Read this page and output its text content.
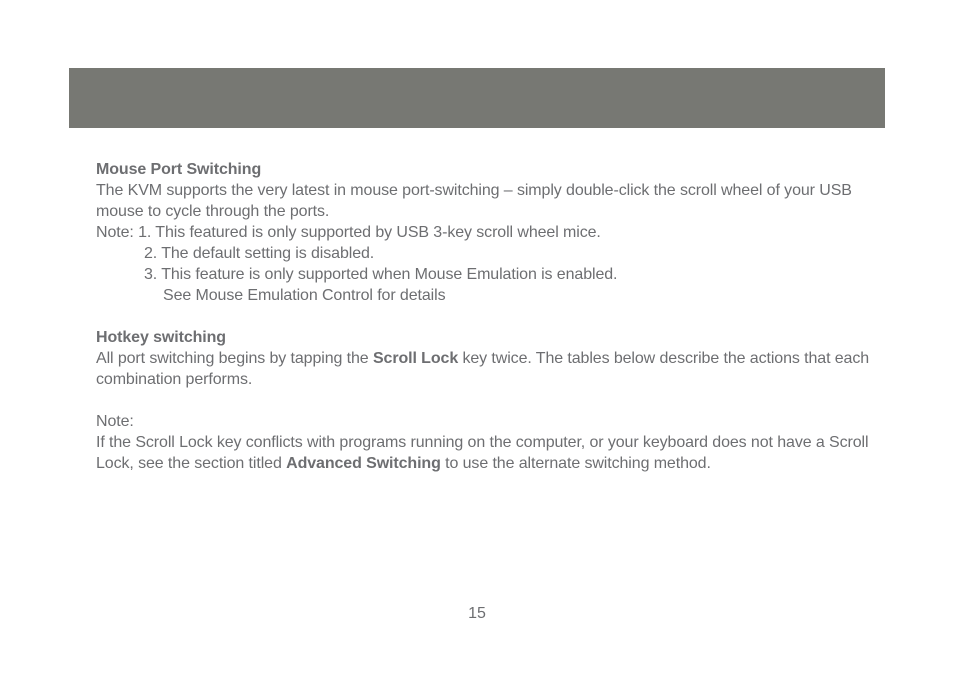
Mouse Port Switching

The KVM supports the very latest in mouse port-switching – simply double-click the scroll wheel of your USB mouse to cycle through the ports.

Note: 1. This featured is only supported by USB 3-key scroll wheel mice.
2. The default setting is disabled.
3. This feature is only supported when Mouse Emulation is enabled.
See Mouse Emulation Control for details

Hotkey switching

All port switching begins by tapping the Scroll Lock key twice. The tables below describe the actions that each combination performs.

Note:

If the Scroll Lock key conflicts with programs running on the computer, or your keyboard does not have a Scroll Lock, see the section titled Advanced Switching to use the alternate switching method.

15
